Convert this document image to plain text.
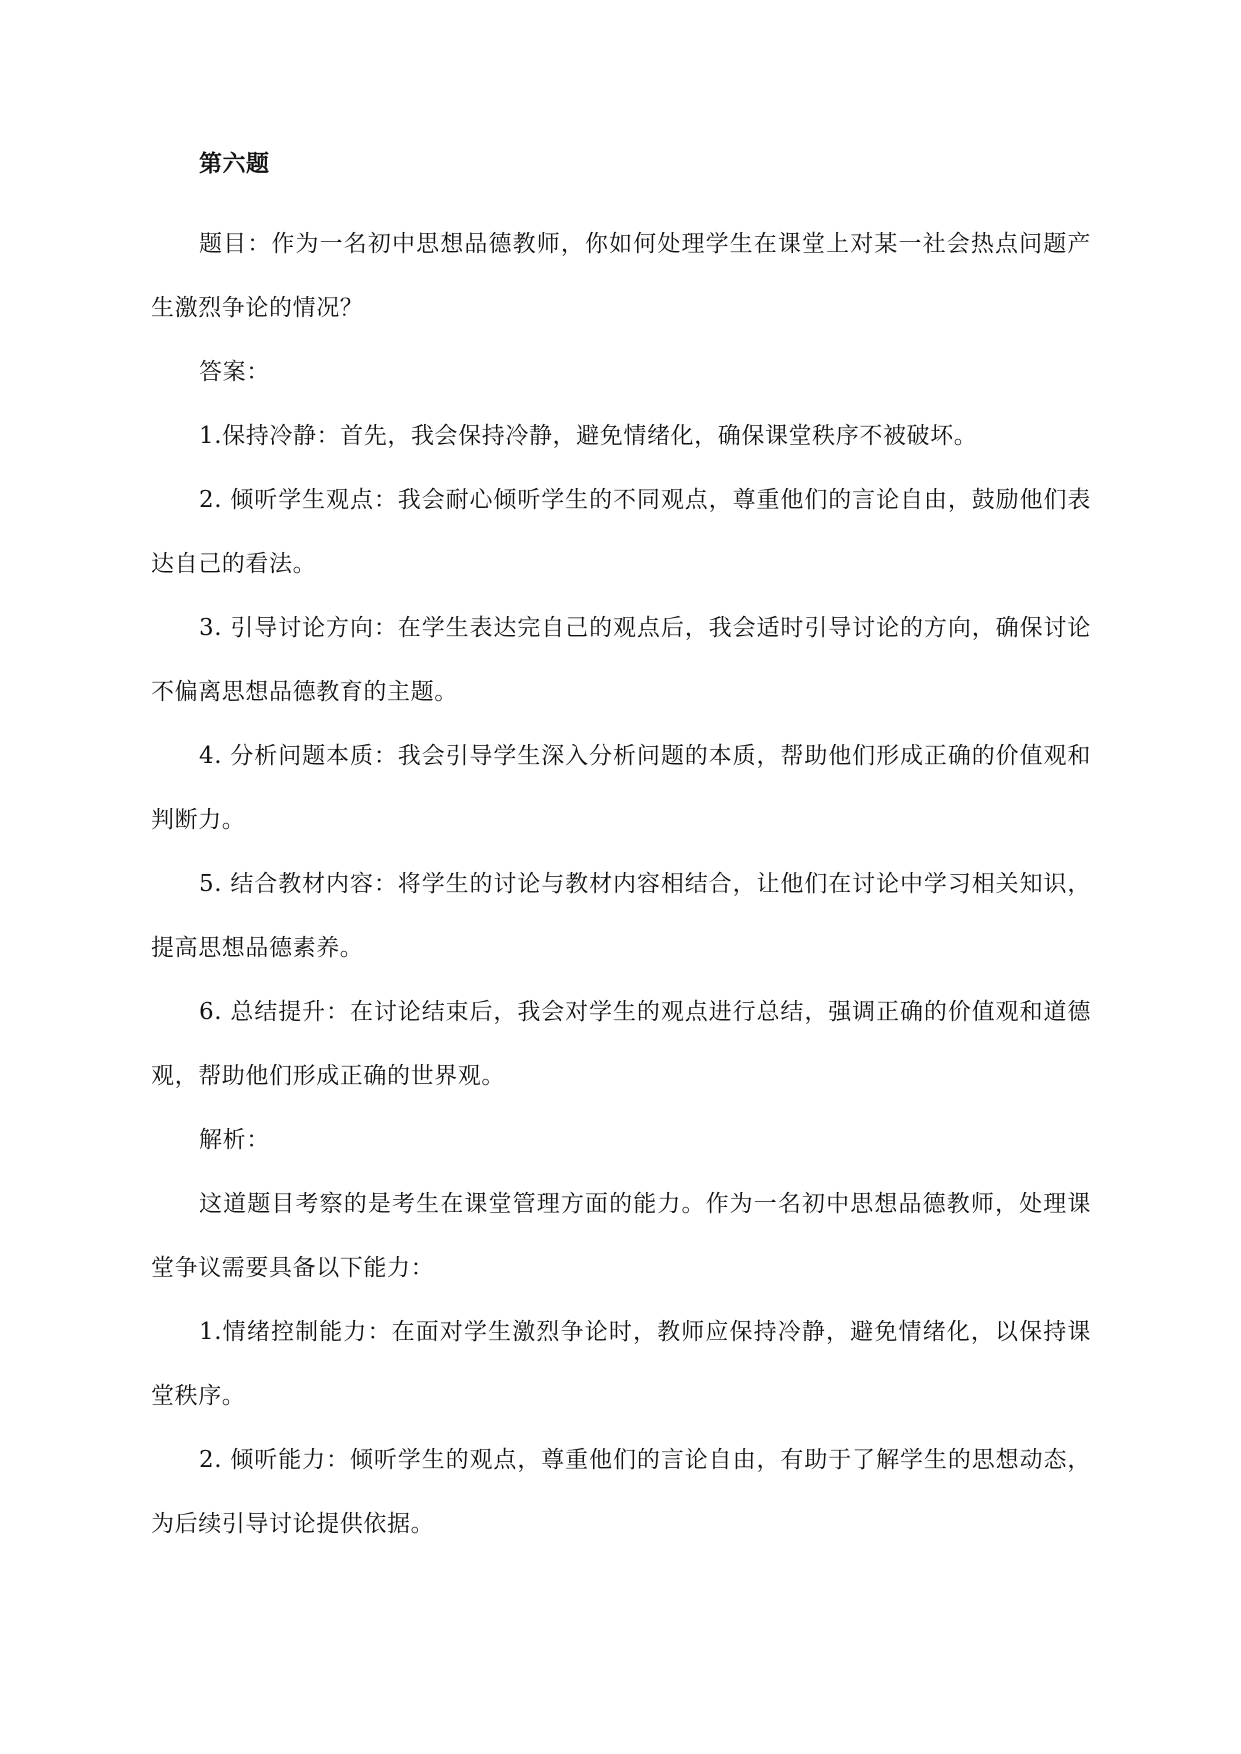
第六题

题目：作为一名初中思想品德教师，你如何处理学生在课堂上对某一社会热点问题产生激烈争论的情况？

答案：

1.保持冷静：首先，我会保持冷静，避免情绪化，确保课堂秩序不被破坏。

2. 倾听学生观点：我会耐心倾听学生的不同观点，尊重他们的言论自由，鼓励他们表达自己的看法。

3. 引导讨论方向：在学生表达完自己的观点后，我会适时引导讨论的方向，确保讨论不偏离思想品德教育的主题。

4. 分析问题本质：我会引导学生深入分析问题的本质，帮助他们形成正确的价值观和判断力。

5. 结合教材内容：将学生的讨论与教材内容相结合，让他们在讨论中学习相关知识，提高思想品德素养。

6. 总结提升：在讨论结束后，我会对学生的观点进行总结，强调正确的价值观和道德观，帮助他们形成正确的世界观。

解析：

这道题目考察的是考生在课堂管理方面的能力。作为一名初中思想品德教师，处理课堂争议需要具备以下能力：

1.情绪控制能力：在面对学生激烈争论时，教师应保持冷静，避免情绪化，以保持课堂秩序。

2. 倾听能力：倾听学生的观点，尊重他们的言论自由，有助于了解学生的思想动态，为后续引导讨论提供依据。
